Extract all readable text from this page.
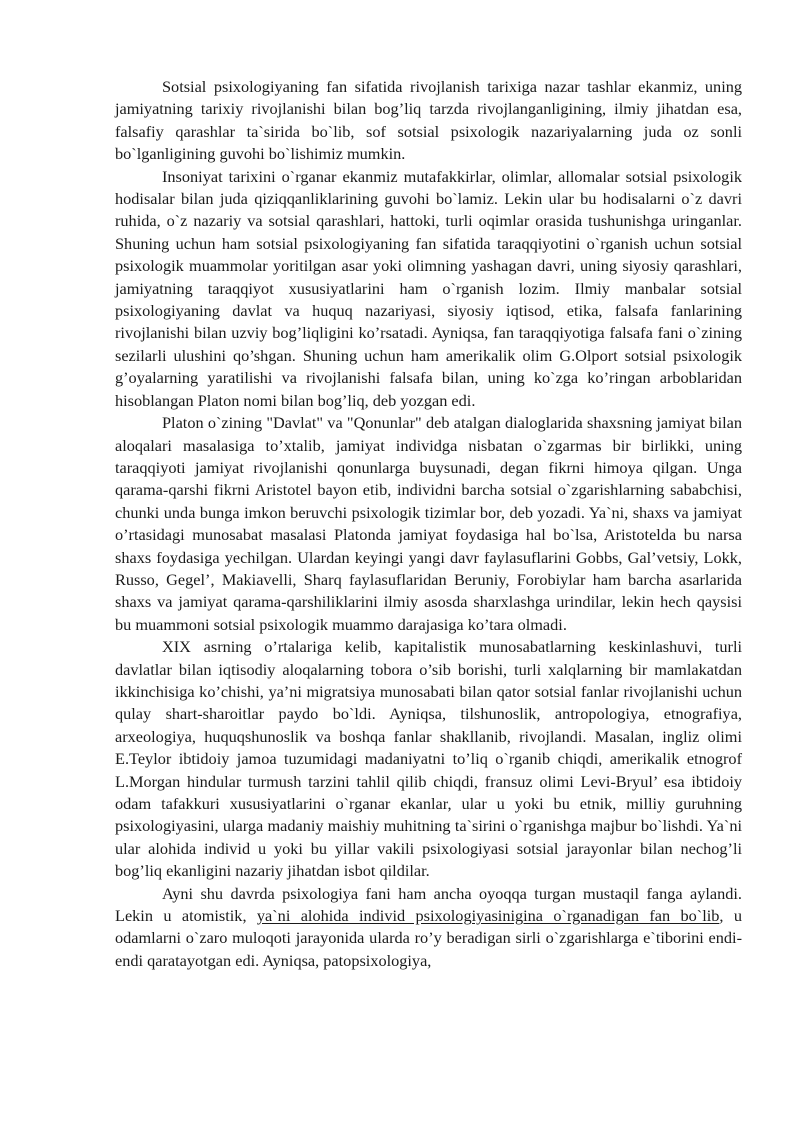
Sotsial psixologiyaning fan sifatida rivojlanish tarixiga nazar tashlar ekanmiz, uning jamiyatning tarixiy rivojlanishi bilan bog’liq tarzda rivojlanganligining, ilmiy jihatdan esa, falsafiy qarashlar ta`sirida bo`lib, sof sotsial psixologik nazariyalarning juda oz sonli bo`lganligining guvohi bo`lishimiz mumkin.

Insoniyat tarixini o`rganar ekanmiz mutafakkirlar, olimlar, allomalar sotsial psixologik hodisalar bilan juda qiziqqanliklarining guvohi bo`lamiz. Lekin ular bu hodisalarni o`z davri ruhida, o`z nazariy va sotsial qarashlari, hattoki, turli oqimlar orasida tushunishga uringanlar. Shuning uchun ham sotsial psixologiyaning fan sifatida taraqqiyotini o`rganish uchun sotsial psixologik muammolar yoritilgan asar yoki olimning yashagan davri, uning siyosiy qarashlari, jamiyatning taraqqiyot xususiyatlarini ham o`rganish lozim. Ilmiy manbalar sotsial psixologiyaning davlat va huquq nazariyasi, siyosiy iqtisod, etika, falsafa fanlarining rivojlanishi bilan uzviy bog’liqligini ko’rsatadi. Ayniqsa, fan taraqqiyotiga falsafa fani o`zining sezilarli ulushini qo’shgan. Shuning uchun ham amerikalik olim G.Olport sotsial psixologik g’oyalarning yaratilishi va rivojlanishi falsafa bilan, uning ko`zga ko’ringan arboblaridan hisoblangan Platon nomi bilan bog’liq, deb yozgan edi.

Platon o`zining "Davlat" va "Qonunlar" deb atalgan dialoglarida shaxsning jamiyat bilan aloqalari masalasiga to’xtalib, jamiyat individga nisbatan o`zgarmas bir birlikki, uning taraqqiyoti jamiyat rivojlanishi qonunlarga buysunadi, degan fikrni himoya qilgan. Unga qarama-qarshi fikrni Aristotel bayon etib, individni barcha sotsial o`zgarishlarning sababchisi, chunki unda bunga imkon beruvchi psixologik tizimlar bor, deb yozadi. Ya`ni, shaxs va jamiyat o’rtasidagi munosabat masalasi Platonda jamiyat foydasiga hal bo`lsa, Aristotelda bu narsa shaxs foydasiga yechilgan. Ulardan keyingi yangi davr faylasuflarini Gobbs, Gal’vetsiy, Lokk, Russo, Gegel’, Makiavelli, Sharq faylasuflaridan Beruniy, Forobiylar ham barcha asarlarida shaxs va jamiyat qarama-qarshiliklarini ilmiy asosda sharxlashga urindilar, lekin hech qaysisi bu muammoni sotsial psixologik muammo darajasiga ko’tara olmadi.

XIX asrning o’rtalariga kelib, kapitalistik munosabatlarning keskinlashuvi, turli davlatlar bilan iqtisodiy aloqalarning tobora o’sib borishi, turli xalqlarning bir mamlakatdan ikkinchisiga ko’chishi, ya’ni migratsiya munosabati bilan qator sotsial fanlar rivojlanishi uchun qulay shart-sharoitlar paydo bo`ldi. Ayniqsa, tilshunoslik, antropologiya, etnografiya, arxeologiya, huquqshunoslik va boshqa fanlar shakllanib, rivojlandi. Masalan, ingliz olimi E.Teylor ibtidoiy jamoa tuzumidagi madaniyatni to’liq o`rganib chiqdi, amerikalik etnogrof L.Morgan hindular turmush tarzini tahlil qilib chiqdi, fransuz olimi Levi-Bryul’ esa ibtidoiy odam tafakkuri xususiyatlarini o`rganar ekanlar, ular u yoki bu etnik, milliy guruhning psixologiyasini, ularga madaniy maishiy muhitning ta`sirini o`rganishga majbur bo`lishdi. Ya`ni ular alohida individ u yoki bu yillar vakili psixologiyasi sotsial jarayonlar bilan nechog’li bog’liq ekanligini nazariy jihatdan isbot qildilar.

Ayni shu davrda psixologiya fani ham ancha oyoqqa turgan mustaqil fanga aylandi. Lekin u atomistik, ya`ni alohida individ psixologiyasinigina o`rganadigan fan bo`lib, u odamlarni o`zaro muloqoti jarayonida ularda ro’y beradigan sirli o`zgarishlarga e`tiborini endi-endi qaratayotgan edi. Ayniqsa, patopsixologiya,
